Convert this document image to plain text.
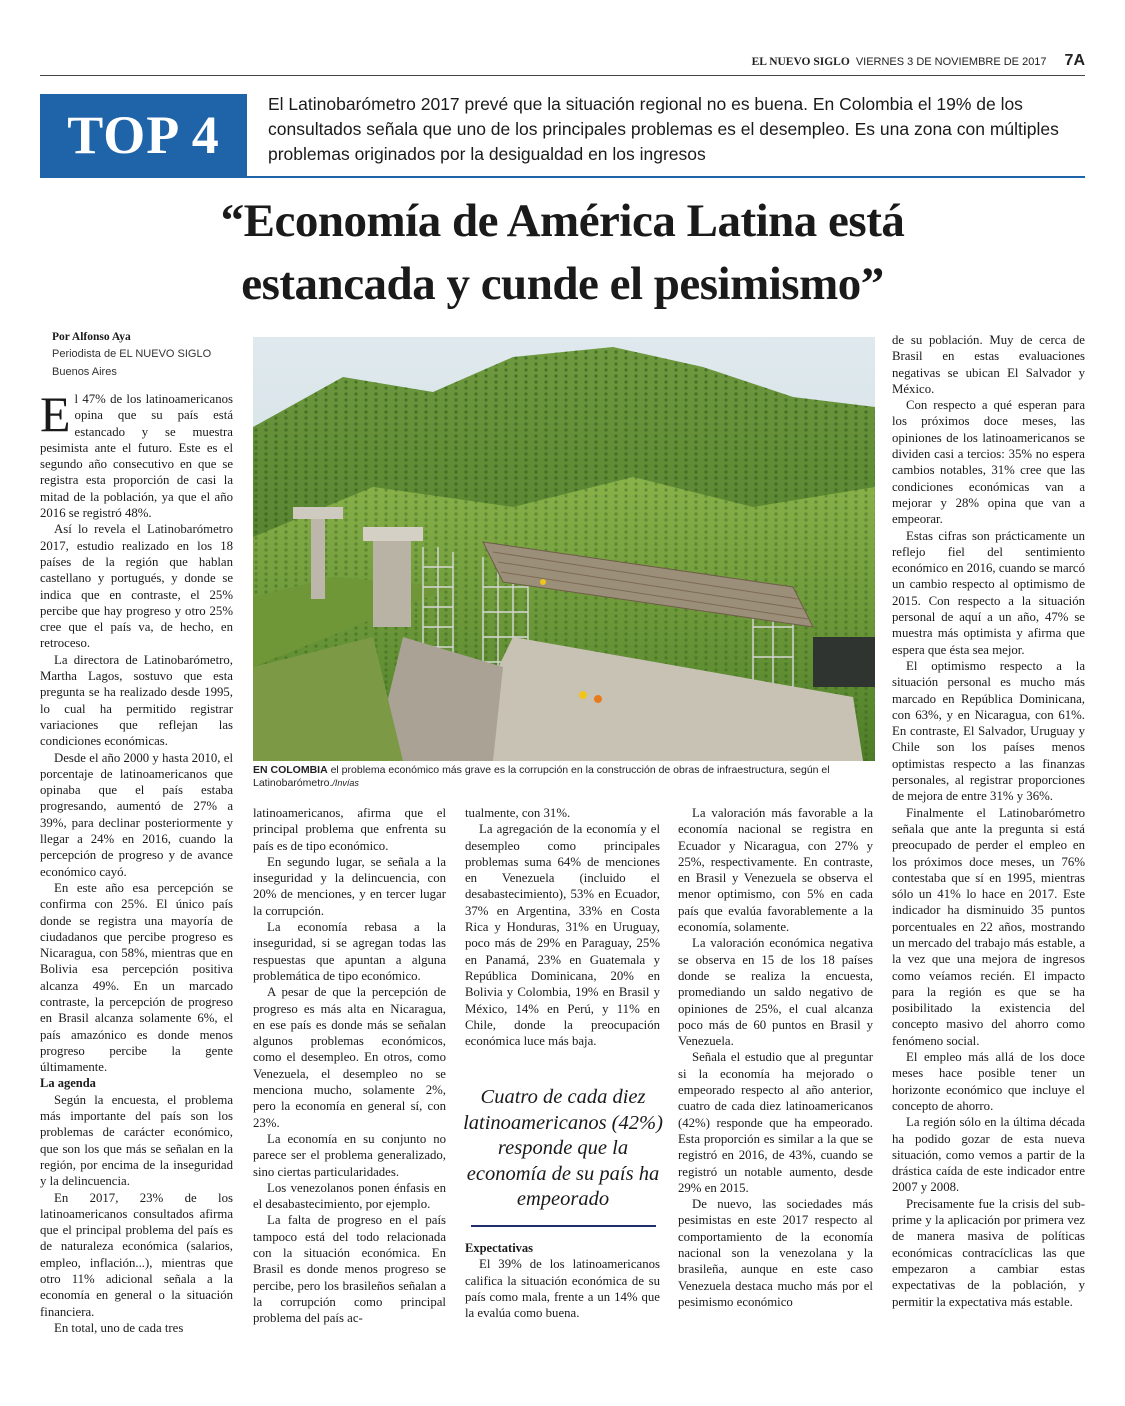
EL NUEVO SIGLO VIERNES 3 DE NOVIEMBRE DE 2017 7A
TOP 4
El Latinobarómetro 2017 prevé que la situación regional no es buena. En Colombia el 19% de los consultados señala que uno de los principales problemas es el desempleo. Es una zona con múltiples problemas originados por la desigualdad en los ingresos
“Economía de América Latina está
estancada y cunde el pesimismo”
Por Alfonso Aya
Periodista de EL NUEVO SIGLO
Buenos Aires

El 47% de los latinoamericanos opina que su país está estancado y se muestra pesimista ante el futuro. Este es el segundo año consecutivo en que se registra esta proporción de casi la mitad de la población, ya que el año 2016 se registró 48%.

Así lo revela el Latinobarómetro 2017, estudio realizado en los 18 países de la región que hablan castellano y portugués, y donde se indica que en contraste, el 25% percibe que hay progreso y otro 25% cree que el país va, de hecho, en retroceso.

La directora de Latinobarómetro, Martha Lagos, sostuvo que esta pregunta se ha realizado desde 1995, lo cual ha permitido registrar variaciones que reflejan las condiciones económicas.

Desde el año 2000 y hasta 2010, el porcentaje de latinoamericanos que opinaba que el país estaba progresando, aumentó de 27% a 39%, para declinar posteriormente y llegar a 24% en 2016, cuando la percepción de progreso y de avance económico cayó.

En este año esa percepción se confirma con 25%. El único país donde se registra una mayoría de ciudadanos que percibe progreso es Nicaragua, con 58%, mientras que en Bolivia esa percepción positiva alcanza 49%. En un marcado contraste, la percepción de progreso en Brasil alcanza solamente 6%, el país amazónico es donde menos progreso percibe la gente últimamente.

La agenda

Según la encuesta, el problema más importante del país son los problemas de carácter económico, que son los que más se señalan en la región, por encima de la inseguridad y la delincuencia.

En 2017, 23% de los latinoamericanos consultados afirma que el principal problema del país es de naturaleza económica (salarios, empleo, inflación...), mientras que otro 11% adicional señala a la economía en general o la situación financiera.

En total, uno de cada tres

EN COLOMBIA el problema económico más grave es la corrupción en la construcción de obras de infraestructura, según el Latinobarómetro./Invías

latinoamericanos, afirma que el principal problema que enfrenta su país es de tipo económico.

En segundo lugar, se señala a la inseguridad y la delincuencia, con 20% de menciones, y en tercer lugar la corrupción.

La economía rebasa a la inseguridad, si se agregan todas las respuestas que apuntan a alguna problemática de tipo económico.

A pesar de que la percepción de progreso es más alta en Nicaragua, en ese país es donde más se señalan algunos problemas económicos, como el desempleo. En otros, como Venezuela, el desempleo no se menciona mucho, solamente 2%, pero la economía en general sí, con 23%.

La economía en su conjunto no parece ser el problema generalizado, sino ciertas particularidades.

Los venezolanos ponen énfasis en el desabastecimiento, por ejemplo.

La falta de progreso en el país tampoco está del todo relacionada con la situación económica. En Brasil es donde menos progreso se percibe, pero los brasileños señalan a la corrupción como principal problema del país ac-

tualmente, con 31%.

La agregación de la economía y el desempleo como principales problemas suma 64% de menciones en Venezuela (incluido el desabastecimiento), 53% en Ecuador, 37% en Argentina, 33% en Costa Rica y Honduras, 31% en Uruguay, poco más de 29% en Paraguay, 25% en Panamá, 23% en Guatemala y República Dominicana, 20% en Bolivia y Colombia, 19% en Brasil y México, 14% en Perú, y 11% en Chile, donde la preocupación económica luce más baja.

Cuatro de cada diez latinoamericanos (42%) responde que la economía de su país ha empeorado

Expectativas

El 39% de los latinoamericanos califica la situación económica de su país como mala, frente a un 14% que la evalúa como buena.

La valoración más favorable a la economía nacional se registra en Ecuador y Nicaragua, con 27% y 25%, respectivamente. En contraste, en Brasil y Venezuela se observa el menor optimismo, con 5% en cada país que evalúa favorablemente a la economía, solamente.

La valoración económica negativa se observa en 15 de los 18 países donde se realiza la encuesta, promediando un saldo negativo de opiniones de 25%, el cual alcanza poco más de 60 puntos en Brasil y Venezuela.

Señala el estudio que al preguntar si la economía ha mejorado o empeorado respecto al año anterior, cuatro de cada diez latinoamericanos (42%) responde que ha empeorado. Esta proporción es similar a la que se registró en 2016, de 43%, cuando se registró un notable aumento, desde 29% en 2015.

De nuevo, las sociedades más pesimistas en este 2017 respecto al comportamiento de la economía nacional son la venezolana y la brasileña, aunque en este caso Venezuela destaca mucho más por el pesimismo económico

de su población. Muy de cerca de Brasil en estas evaluaciones negativas se ubican El Salvador y México.

Con respecto a qué esperan para los próximos doce meses, las opiniones de los latinoamericanos se dividen casi a tercios: 35% no espera cambios notables, 31% cree que las condiciones económicas van a mejorar y 28% opina que van a empeorar.

Estas cifras son prácticamente un reflejo fiel del sentimiento económico en 2016, cuando se marcó un cambio respecto al optimismo de 2015. Con respecto a la situación personal de aquí a un año, 47% se muestra más optimista y afirma que espera que ésta sea mejor.

El optimismo respecto a la situación personal es mucho más marcado en República Dominicana, con 63%, y en Nicaragua, con 61%. En contraste, El Salvador, Uruguay y Chile son los países menos optimistas respecto a las finanzas personales, al registrar proporciones de mejora de entre 31% y 36%.

Finalmente el Latinobarómetro señala que ante la pregunta si está preocupado de perder el empleo en los próximos doce meses, un 76% contestaba que sí en 1995, mientras sólo un 41% lo hace en 2017. Este indicador ha disminuido 35 puntos porcentuales en 22 años, mostrando un mercado del trabajo más estable, a la vez que una mejora de ingresos como veíamos recién. El impacto para la región es que se ha posibilitado la existencia del concepto masivo del ahorro como fenómeno social.

El empleo más allá de los doce meses hace posible tener un horizonte económico que incluye el concepto de ahorro.

La región sólo en la última década ha podido gozar de esta nueva situación, como vemos a partir de la drástica caída de este indicador entre 2007 y 2008.

Precisamente fue la crisis del sub-prime y la aplicación por primera vez de manera masiva de políticas económicas contracíclicas las que empezaron a cambiar estas expectativas de la población, y permitir la expectativa más estable.
